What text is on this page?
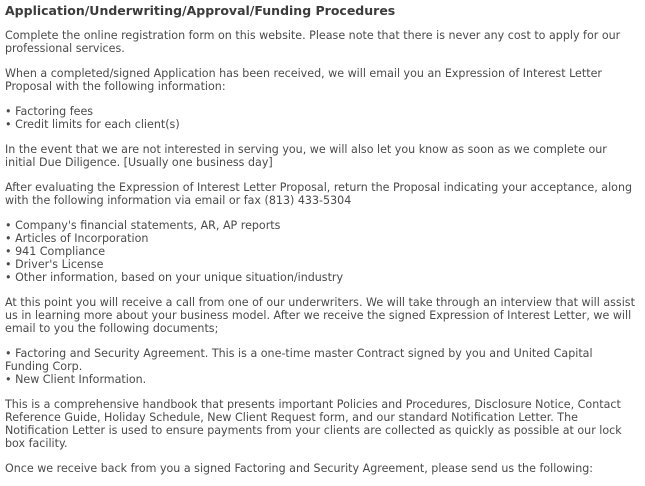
Application/Underwriting/Approval/Funding Procedures

Complete the online registration form on this website. Please note that there is never any cost to apply for our professional services.

When a completed/signed Application has been received, we will email you an Expression of Interest Letter Proposal with the following information:

• Factoring fees
• Credit limits for each client(s)

In the event that we are not interested in serving you, we will also let you know as soon as we complete our initial Due Diligence. [Usually one business day]

After evaluating the Expression of Interest Letter Proposal, return the Proposal indicating your acceptance, along with the following information via email or fax (813) 433-5304

• Company's financial statements, AR, AP reports
• Articles of Incorporation
• 941 Compliance
• Driver's License
• Other information, based on your unique situation/industry

At this point you will receive a call from one of our underwriters. We will take through an interview that will assist us in learning more about your business model. After we receive the signed Expression of Interest Letter, we will email to you the following documents;

• Factoring and Security Agreement. This is a one-time master Contract signed by you and United Capital Funding Corp.
• New Client Information.

This is a comprehensive handbook that presents important Policies and Procedures, Disclosure Notice, Contact Reference Guide, Holiday Schedule, New Client Request form, and our standard Notification Letter. The Notification Letter is used to ensure payments from your clients are collected as quickly as possible at our lock box facility.

Once we receive back from you a signed Factoring and Security Agreement, please send us the following:
